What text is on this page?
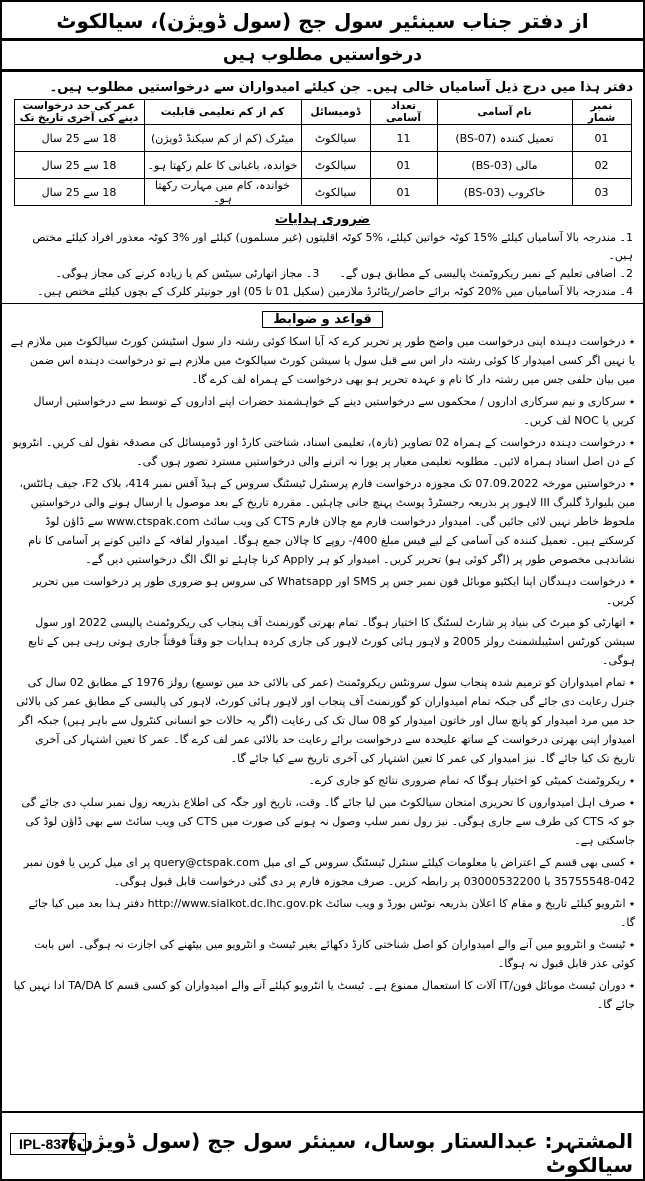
از دفتر جناب سینئیر سول جج (سول ڈویژن)، سیالکوٹ
درخواستیں مطلوب ہیں
دفتر ہذا میں درج ذیل آسامیاں خالی ہیں۔ جن کیلئے امیدواران سے درخواستیں مطلوب ہیں۔
نمبر شمار	نام آسامی	تعداد آسامی	ڈومیسائل	کم از کم تعلیمی قابلیت	عمر کی حد درخواست دینے کی آخری تاریخ تک
01	تعمیل کنندہ (BS-07)	11	سیالکوٹ	میٹرک (کم از کم سیکنڈ ڈویژن)	18 سے 25 سال
02	مالی (BS-03)	01	سیالکوٹ	خواندہ، باغبانی کا علم رکھتا ہو۔	18 سے 25 سال
03	خاکروب (BS-03)	01	سیالکوٹ	خواندہ، کام میں مہارت رکھتا ہو۔	18 سے 25 سال
ضروری ہدایات
1۔ مندرجہ بالا آسامیاں کیلئے %15 کوٹہ خواتین کیلئے، %5 کوٹہ اقلیتوں (غیر مسلموں) کیلئے اور %3 کوٹہ معذور افراد کیلئے مختص ہیں۔
2۔ اضافی تعلیم کے نمبر ریکروٹمنٹ پالیسی کے مطابق ہوں گے۔
3۔ مجاز اتھارٹی سیٹس کم یا زیادہ کرنے کی مجاز ہوگی۔
4۔ مندرجہ بالا آسامیاں میں %20 کوٹہ برائے حاضر/ریٹائرڈ ملازمین (سکیل 01 تا 05) اور جونیئر کلرک کے بچوں کیلئے مختص ہیں۔
قواعد و ضوابط

٭ درخواست دہندہ اپنی درخواست میں واضح طور پر تحریر کرے کہ آیا اسکا کوئی رشتہ دار سول اسٹیشن کورٹ سیالکوٹ میں ملازم ہے یا نہیں اگر کسی امیدوار کا کوئی رشتہ دار اس سے قبل سول یا سیشن کورٹ سیالکوٹ میں ملازم ہے تو درخواست دہندہ اس ضمن میں بیان حلفی جس میں رشتہ دار کا نام و عہدہ تحریر ہو بھی درخواست کے ہمراہ لف کرے گا۔

٭ سرکاری و نیم سرکاری اداروں / محکموں سے درخواستیں دینے کے خواہشمند حضرات اپنے اداروں کے توسط سے درخواستیں ارسال کریں یا NOC لف کریں۔

٭ درخواست دہندہ درخواست کے ہمراہ 02 تصاویر (تازہ)، تعلیمی اسناد، شناختی کارڈ اور ڈومیسائل کی مصدقہ نقول لف کریں۔ انٹرویو کے دن اصل اسناد ہمراہ لائیں۔ مطلوبہ تعلیمی معیار پر پورا نہ اترنے والی درخواستیں مسترد تصور ہوں گی۔

٭ درخواستیں مورخہ 07.09.2022 تک مجوزہ درخواست فارم پرسنٹرل ٹیسٹنگ سروس کے ہیڈ آفس نمبر 414، بلاک F2، جیف ہائٹس، مین بلیوارڈ گلبرگ III لاہور پر بذریعہ رجسٹرڈ پوسٹ پہنچ جانی چاہئیں۔ مقررہ تاریخ کے بعد موصول یا ارسال ہونے والی درخواستیں ملحوظ خاطر نہیں لائی جائیں گی۔ امیدوار درخواست فارم مع چالان فارم CTS کی ویب سائٹ www.ctspak.com سے ڈاؤن لوڈ کرسکتے ہیں۔ تعمیل کنندہ کی آسامی کے لیے فیس مبلغ 400/- روپے کا چالان جمع ہوگا۔ امیدوار لفافہ کے دائیں کونے پر آسامی کا نام نشاندہی مخصوص طور پر (اگر کوئی ہو) تحریر کریں۔ امیدوار کو ہر Apply کرنا چاہئے تو الگ الگ درخواستیں دیں گے۔

٭ درخواست دہندگان اپنا ایکٹیو موبائل فون نمبر جس پر SMS اور Whatsapp کی سروس ہو ضروری طور پر درخواست میں تحریر کریں۔

٭ اتھارٹی کو میرٹ کی بنیاد پر شارٹ لسٹنگ کا اختیار ہوگا۔ تمام بھرتی گورنمنٹ آف پنجاب کی ریکروٹمنٹ پالیسی 2022 اور سول سیشن کورٹس اسٹیبلشمنٹ رولز 2005 و لاہور ہائی کورٹ لاہور کی جاری کردہ ہدایات جو وقتاً فوقتاً جاری ہوتی رہی ہیں کے تابع ہوگی۔

٭ تمام امیدواران کو ترمیم شدہ پنجاب سول سرونٹس ریکروٹمنٹ (عمر کی بالائی حد میں توسیع) رولز 1976 کے مطابق 02 سال کی جنرل رعایت دی جائے گی جبکہ تمام امیدواران کو گورنمنٹ آف پنجاب اور لاہور ہائی کورٹ، لاہور کی پالیسی کے مطابق عمر کی بالائی حد میں مرد امیدوار کو پانچ سال اور خاتون امیدوار کو 08 سال تک کی رعایت (اگر یہ حالات جو انسانی کنٹرول سے باہر ہیں) جبکہ اگر امیدوار اپنی بھرتی درخواست کے ساتھ علیحدہ سے درخواست برائے رعایت حد بالائی عمر لف کرے گا۔ عمر کا تعین اشتہار کی آخری تاریخ تک کیا جائے گا۔ نیز امیدوار کی عمر کا تعین اشتہار کی آخری تاریخ سے کیا جائے گا۔

٭ ریکروٹمنٹ کمیٹی کو اختیار ہوگا کہ تمام ضروری نتائج کو جاری کرے۔

٭ صرف اہل امیدواروں کا تحریری امتحان سیالکوٹ میں لیا جائے گا۔ وقت، تاریخ اور جگہ کی اطلاع بذریعہ رول نمبر سلپ دی جائے گی جو کہ CTS کی طرف سے جاری ہوگی۔ نیز رول نمبر سلپ وصول نہ ہونے کی صورت میں CTS کی ویب سائٹ سے بھی ڈاؤن لوڈ کی جاسکتی ہے۔

٭ کسی بھی قسم کے اعتراض یا معلومات کیلئے سنٹرل ٹیسٹنگ سروس کے ای میل query@ctspak.com پر ای میل کریں یا فون نمبر 042-35755548 یا 03000532200 پر رابطہ کریں۔ صرف مجوزہ فارم پر دی گئی درخواست قابل قبول ہوگی۔

٭ انٹرویو کیلئے تاریخ و مقام کا اعلان بذریعہ نوٹس بورڈ و ویب سائٹ http://www.sialkot.dc.lhc.gov.pk دفتر ہذا بعد میں کیا جائے گا۔

٭ ٹیسٹ و انٹرویو میں آنے والے امیدواران کو اصل شناختی کارڈ دکھائے بغیر ٹیسٹ و انٹرویو میں بیٹھنے کی اجازت نہ ہوگی۔ اس بابت کوئی عذر قابل قبول نہ ہوگا۔

٭ دوران ٹیسٹ موبائل فون/IT آلات کا استعمال ممنوع ہے۔ ٹیسٹ یا انٹرویو کیلئے آنے والے امیدواران کو کسی قسم کا TA/DA ادا نہیں کیا جائے گا۔

المشتہر: عبدالستار بوسال، سینئر سول جج (سول ڈویژن)، سیالکوٹ
IPL-8373
